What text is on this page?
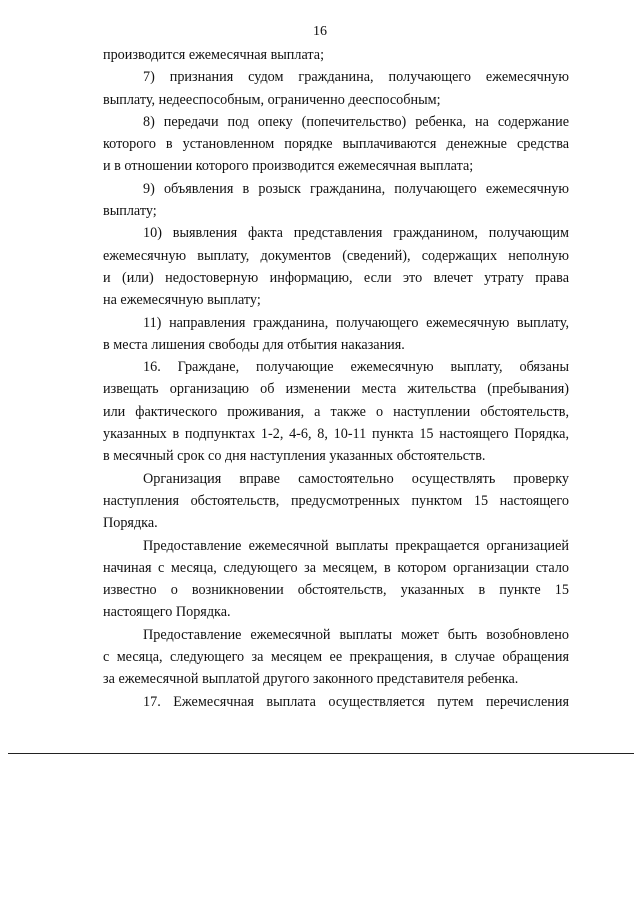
16
производится ежемесячная выплата;
7) признания судом гражданина, получающего ежемесячную
выплату, недееспособным, ограниченно дееспособным;
8) передачи под опеку (попечительство) ребенка, на содержание
которого в установленном порядке выплачиваются денежные средства
и в отношении которого производится ежемесячная выплата;
9) объявления в розыск гражданина, получающего ежемесячную
выплату;
10) выявления факта представления гражданином, получающим
ежемесячную выплату, документов (сведений), содержащих неполную
и (или) недостоверную информацию, если это влечет утрату права
на ежемесячную выплату;
11) направления гражданина, получающего ежемесячную выплату,
в места лишения свободы для отбытия наказания.
16. Граждане, получающие ежемесячную выплату, обязаны
извещать организацию об изменении места жительства (пребывания)
или фактического проживания, а также о наступлении обстоятельств,
указанных в подпунктах 1-2, 4-6, 8, 10-11 пункта 15 настоящего Порядка,
в месячный срок со дня наступления указанных обстоятельств.
Организация вправе самостоятельно осуществлять проверку
наступления обстоятельств, предусмотренных пунктом 15 настоящего
Порядка.
Предоставление ежемесячной выплаты прекращается организацией
начиная с месяца, следующего за месяцем, в котором организации стало
известно о возникновении обстоятельств, указанных в пункте 15
настоящего Порядка.
Предоставление ежемесячной выплаты может быть возобновлено
с месяца, следующего за месяцем ее прекращения, в случае обращения
за ежемесячной выплатой другого законного представителя ребенка.
17. Ежемесячная выплата осуществляется путем перечисления
